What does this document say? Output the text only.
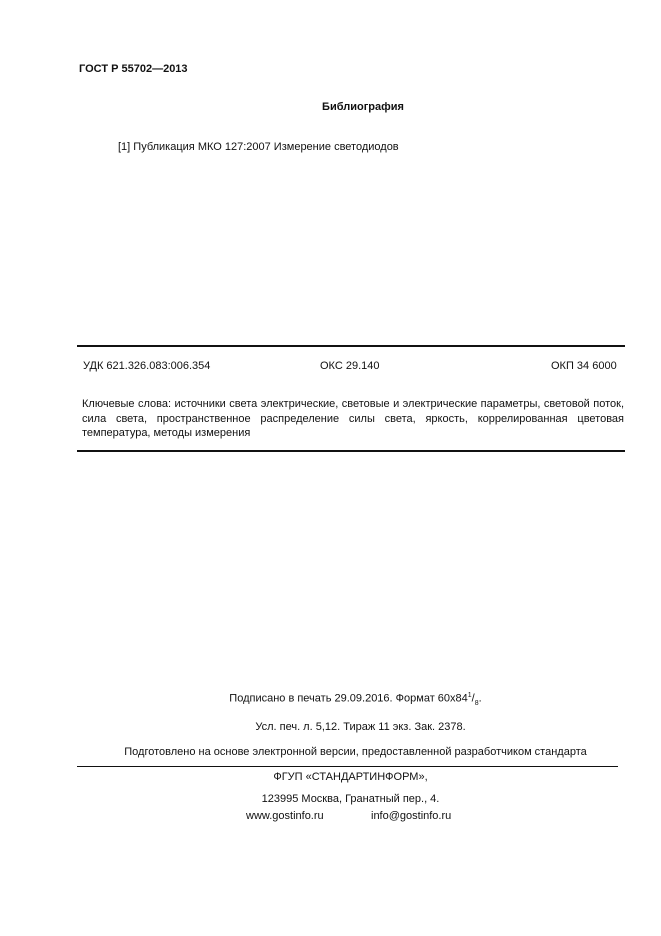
ГОСТ Р 55702—2013
Библиография
[1] Публикация МКО 127:2007 Измерение светодиодов
УДК 621.326.083:006.354	ОКС 29.140	ОКП 34 6000
Ключевые слова: источники света электрические, световые и электрические параметры, световой поток, сила света, пространственное распределение силы света, яркость, коррелированная цветовая температура, методы измерения
Подписано в печать 29.09.2016. Формат $60х84^1/_8$.
Усл. печ. л. 5,12. Тираж 11 экз. Зак. 2378.
Подготовлено на основе электронной версии, предоставленной разработчиком стандарта
ФГУП «СТАНДАРТИНФОРМ»,
123995 Москва, Гранатный пер., 4.
www.gostinfo.ru	info@gostinfo.ru
